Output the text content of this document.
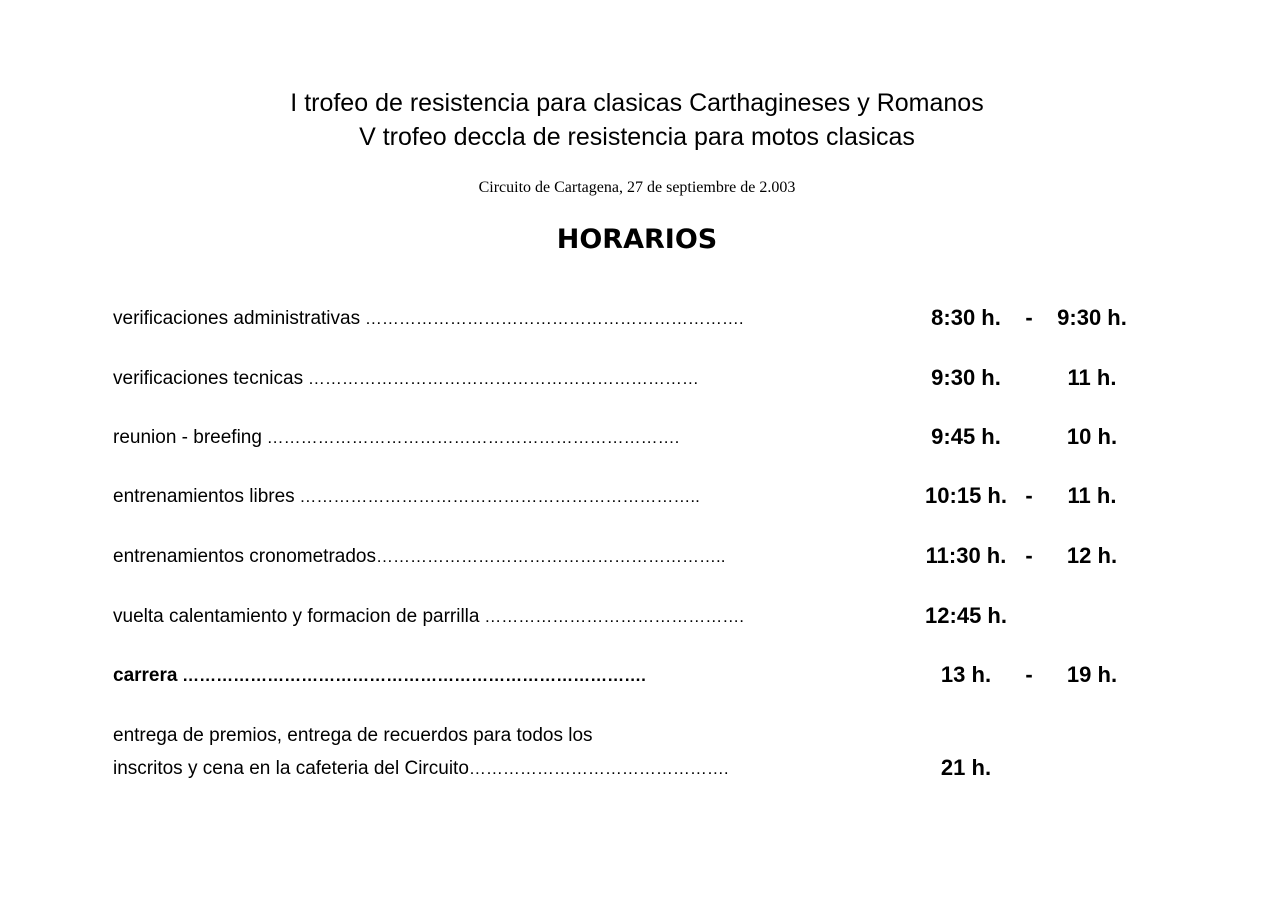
I trofeo de resistencia para clasicas Carthagineses y Romanos
V trofeo deccla de resistencia para motos clasicas
Circuito de Cartagena, 27 de septiembre de 2.003
HORARIOS
verificaciones administrativas ………………………………………………………….	8:30 h.	-	9:30 h.
verificaciones tecnicas ……………………………………………………………	9:30 h.	11 h.
reunion - breefing ……………………………………………………………….	9:45 h.	10 h.
entrenamientos libres ……………………………………………………………..	10:15 h. -	11 h.
entrenamientos cronometrados……………………………………………………..	11:30 h. -	12 h.
vuelta calentamiento y formacion de parrilla ……………………………………….	12:45 h.
carrera ……………………………………………………………………….	13 h.	-	19 h.
entrega de premios, entrega de recuerdos para todos los
inscritos y cena en la cafeteria del Circuito……………………………………….	21 h.
